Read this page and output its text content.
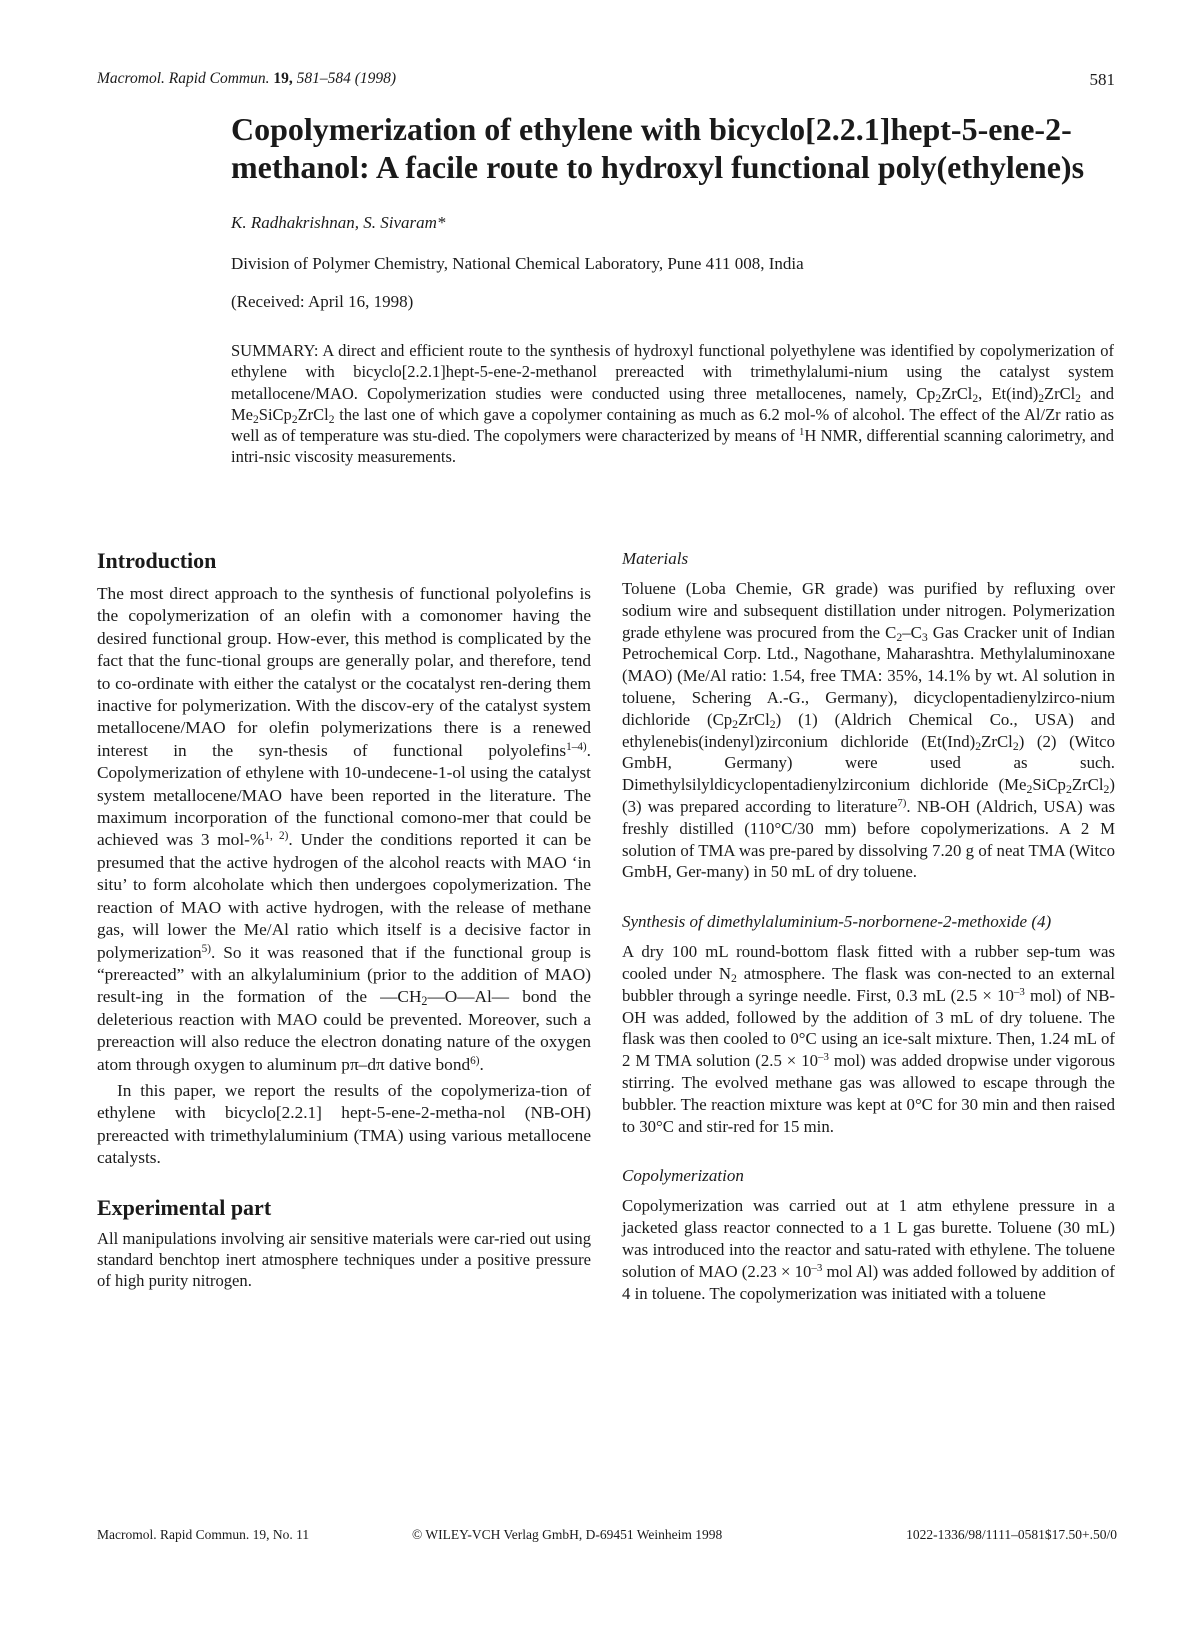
Macromol. Rapid Commun. 19, 581–584 (1998)	581
Copolymerization of ethylene with bicyclo[2.2.1]hept-5-ene-2-methanol: A facile route to hydroxyl functional poly(ethylene)s
K. Radhakrishnan, S. Sivaram*
Division of Polymer Chemistry, National Chemical Laboratory, Pune 411 008, India
(Received: April 16, 1998)
SUMMARY: A direct and efficient route to the synthesis of hydroxyl functional polyethylene was identified by copolymerization of ethylene with bicyclo[2.2.1]hept-5-ene-2-methanol prereacted with trimethylalumi-nium using the catalyst system metallocene/MAO. Copolymerization studies were conducted using three metallocenes, namely, $Cp_2ZrCl_2$, $Et(ind)_2ZrCl_2$ and $Me_2SiCp_2ZrCl_2$ the last one of which gave a copolymer containing as much as 6.2 mol-% of alcohol. The effect of the Al/Zr ratio as well as of temperature was stu-died. The copolymers were characterized by means of $^1$H NMR, differential scanning calorimetry, and intri-nsic viscosity measurements.
Introduction

The most direct approach to the synthesis of functional polyolefins is the copolymerization of an olefin with a comonomer having the desired functional group. How-ever, this method is complicated by the fact that the func-tional groups are generally polar, and therefore, tend to co-ordinate with either the catalyst or the cocatalyst ren-dering them inactive for polymerization. With the discov-ery of the catalyst system metallocene/MAO for olefin polymerizations there is a renewed interest in the syn-thesis of functional polyolefins$^{1-4)}$. Copolymerization of ethylene with 10-undecene-1-ol using the catalyst system metallocene/MAO have been reported in the literature. The maximum incorporation of the functional comono-mer that could be achieved was 3 mol-%$^{1, 2)}$. Under the conditions reported it can be presumed that the active hydrogen of the alcohol reacts with MAO ‘in situ’ to form alcoholate which then undergoes copolymerization. The reaction of MAO with active hydrogen, with the release of methane gas, will lower the Me/Al ratio which itself is a decisive factor in polymerization$^{5)}$. So it was reasoned that if the functional group is “prereacted” with an alkylaluminium (prior to the addition of MAO) result-ing in the formation of the $—CH_2—O—Al—$ bond the deleterious reaction with MAO could be prevented. Moreover, such a prereaction will also reduce the electron donating nature of the oxygen atom through oxygen to aluminum pπ–dπ dative bond$^{6)}$.

In this paper, we report the results of the copolymeriza-tion of ethylene with bicyclo[2.2.1] hept-5-ene-2-metha-nol (NB-OH) prereacted with trimethylaluminium (TMA) using various metallocene catalysts.

Experimental part

All manipulations involving air sensitive materials were car-ried out using standard benchtop inert atmosphere techniques under a positive pressure of high purity nitrogen.

Materials

Toluene (Loba Chemie, GR grade) was purified by refluxing over sodium wire and subsequent distillation under nitrogen. Polymerization grade ethylene was procured from the $C_2-C_3$ Gas Cracker unit of Indian Petrochemical Corp. Ltd., Nagothane, Maharashtra. Methylaluminoxane (MAO) (Me/Al ratio: 1.54, free TMA: 35%, 14.1% by wt. Al solution in toluene, Schering A.-G., Germany), dicyclopentadienylzirco-nium dichloride $(Cp_2ZrCl_2)$ (1) (Aldrich Chemical Co., USA) and ethylenebis(indenyl)zirconium dichloride $(Et(Ind)_2ZrCl_2)$ (2) (Witco GmbH, Germany) were used as such. Dimethylsilyldicyclopentadienylzirconium dichloride $(Me_2SiCp_2ZrCl_2)$ (3) was prepared according to literature$^{7)}$. NB-OH (Aldrich, USA) was freshly distilled (110°C/30 mm) before copolymerizations. A 2 M solution of TMA was pre-pared by dissolving 7.20 g of neat TMA (Witco GmbH, Ger-many) in 50 mL of dry toluene.

Synthesis of dimethylaluminium-5-norbornene-2-methoxide (4)

A dry 100 mL round-bottom flask fitted with a rubber sep-tum was cooled under $N_2$ atmosphere. The flask was con-nected to an external bubbler through a syringe needle. First, 0.3 mL ($2.5 \times 10^{-3}$ mol) of NB-OH was added, followed by the addition of 3 mL of dry toluene. The flask was then cooled to 0°C using an ice-salt mixture. Then, 1.24 mL of 2 M TMA solution ($2.5 \times 10^{-3}$ mol) was added dropwise under vigorous stirring. The evolved methane gas was allowed to escape through the bubbler. The reaction mixture was kept at 0°C for 30 min and then raised to 30°C and stir-red for 15 min.

Copolymerization

Copolymerization was carried out at 1 atm ethylene pressure in a jacketed glass reactor connected to a 1 L gas burette. Toluene (30 mL) was introduced into the reactor and satu-rated with ethylene. The toluene solution of MAO ($2.23 \times 10^{-3}$ mol Al) was added followed by addition of 4 in toluene. The copolymerization was initiated with a toluene

Macromol. Rapid Commun. 19, No. 11	© WILEY-VCH Verlag GmbH, D-69451 Weinheim 1998	1022-1336/98/1111–0581$17.50+.50/0
